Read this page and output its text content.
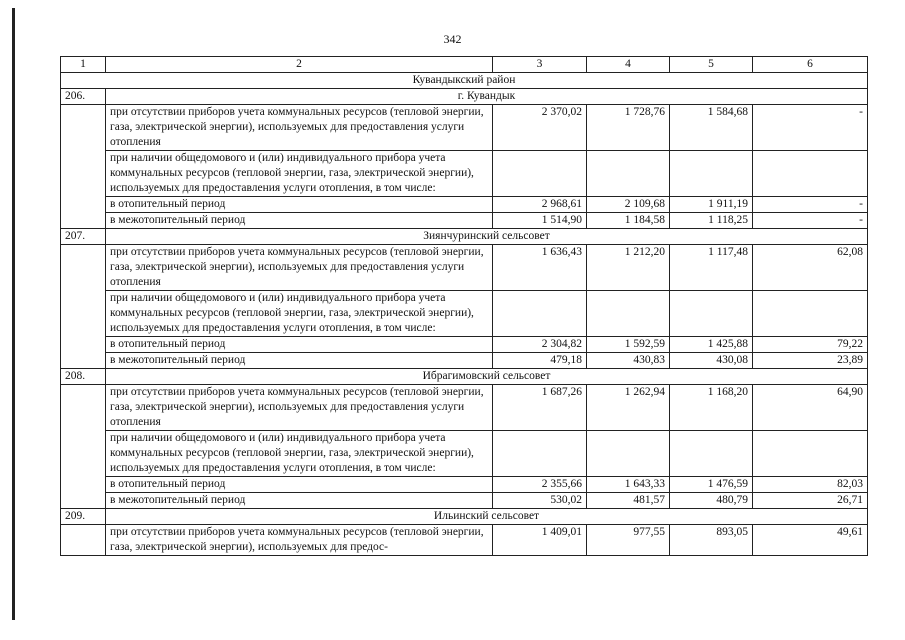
342
1	2	3	4	5	6
Кувандыкский район					
206.	г. Кувандык				
	при отсутствии приборов учета коммунальных ресурсов (тепловой энергии, газа, электрической энергии), используемых для предоставления услуги отопления	2 370,02	1 728,76	1 584,68	-
	при наличии общедомового и (или) индивидуального прибора учета коммунальных ресурсов (тепловой энергии, газа, электрической энергии), используемых для предоставления услуги отопления, в том числе:				
	в отопительный период	2 968,61	2 109,68	1 911,19	-
	в межотопительный период	1 514,90	1 184,58	1 118,25	-
207.	Зиянчуринский сельсовет				
	при отсутствии приборов учета коммунальных ресурсов (тепловой энергии, газа, электрической энергии), используемых для предоставления услуги отопления	1 636,43	1 212,20	1 117,48	62,08
	при наличии общедомового и (или) индивидуального прибора учета коммунальных ресурсов (тепловой энергии, газа, электрической энергии), используемых для предоставления услуги отопления, в том числе:				
	в отопительный период	2 304,82	1 592,59	1 425,88	79,22
	в межотопительный период	479,18	430,83	430,08	23,89
208.	Ибрагимовский сельсовет				
	при отсутствии приборов учета коммунальных ресурсов (тепловой энергии, газа, электрической энергии), используемых для предоставления услуги отопления	1 687,26	1 262,94	1 168,20	64,90
	при наличии общедомового и (или) индивидуального прибора учета коммунальных ресурсов (тепловой энергии, газа, электрической энергии), используемых для предоставления услуги отопления, в том числе:				
	в отопительный период	2 355,66	1 643,33	1 476,59	82,03
	в межотопительный период	530,02	481,57	480,79	26,71
209.	Ильинский сельсовет				
	при отсутствии приборов учета коммунальных ресурсов (тепловой энергии, газа, электрической энергии), используемых для предос-	1 409,01	977,55	893,05	49,61
